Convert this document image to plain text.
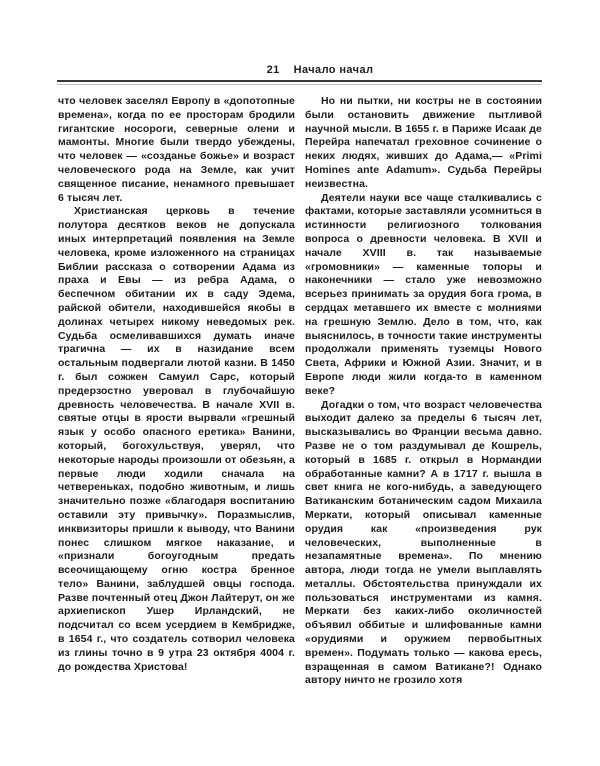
21 Начало начал

что человек заселял Европу в «допотопные времена», когда по ее просторам бродили гигантские носороги, северные олени и мамонты. Многие были твердо убеждены, что человек — «созданье божье» и возраст человеческого рода на Земле, как учит священное писание, ненамного превышает 6 тысяч лет.

Христианская церковь в течение полутора десятков веков не допускала иных интерпретаций появления на Земле человека, кроме изложенного на страницах Библии рассказа о сотворении Адама из праха и Евы — из ребра Адама, о беспечном обитании их в саду Эдема, райской обители, находившейся якобы в долинах четырех никому неведомых рек. Судьба осмеливавшихся думать иначе трагична — их в назидание всем остальным подвергали лютой казни. В 1450 г. был сожжен Самуил Сарс, который предерзостно уверовал в глубочайшую древность человечества. В начале XVII в. святые отцы в ярости вырвали «грешный язык у особо опасного еретика» Ванини, который, богохульствуя, уверял, что некоторые народы произошли от обезьян, а первые люди ходили сначала на четвереньках, подобно животным, и лишь значительно позже «благодаря воспитанию оставили эту привычку». Поразмыслив, инквизиторы пришли к выводу, что Ванини понес слишком мягкое наказание, и «признали богоугодным предать всеочищающему огню костра бренное тело» Ванини, заблудшей овцы господа. Разве почтенный отец Джон Лайтерут, он же архиепископ Ушер Ирландский, не подсчитал со всем усердием в Кембридже, в 1654 г., что создатель сотворил человека из глины точно в 9 утра 23 октября 4004 г. до рождества Христова!

Но ни пытки, ни костры не в состоянии были остановить движение пытливой научной мысли. В 1655 г. в Париже Исаак де Перейра напечатал греховное сочинение о неких людях, живших до Адама,— «Primi Homines ante Adamum». Судьба Перейры неизвестна.

Деятели науки все чаще сталкивались с фактами, которые заставляли усомниться в истинности религиозного толкования вопроса о древности человека. В XVII и начале XVIII в. так называемые «громовники» — каменные топоры и наконечники — стало уже невозможно всерьез принимать за орудия бога грома, в сердцах метавшего их вместе с молниями на грешную Землю. Дело в том, что, как выяснилось, в точности такие инструменты продолжали применять туземцы Нового Света, Африки и Южной Азии. Значит, и в Европе люди жили когда-то в каменном веке?

Догадки о том, что возраст человечества выходит далеко за пределы 6 тысяч лет, высказывались во Франции весьма давно. Разве не о том раздумывал де Кошрель, который в 1685 г. открыл в Нормандии обработанные камни? А в 1717 г. вышла в свет книга не кого-нибудь, а заведующего Ватиканским ботаническим садом Михаила Меркати, который описывал каменные орудия как «произведения рук человеческих, выполненные в незапамятные времена». По мнению автора, люди тогда не умели выплавлять металлы. Обстоятельства принуждали их пользоваться инструментами из камня. Меркати без каких-либо околичностей объявил оббитые и шлифованные камни «орудиями и оружием первобытных времен». Подумать только — какова ересь, взращенная в самом Ватикане?! Однако автору ничто не грозило хотя
